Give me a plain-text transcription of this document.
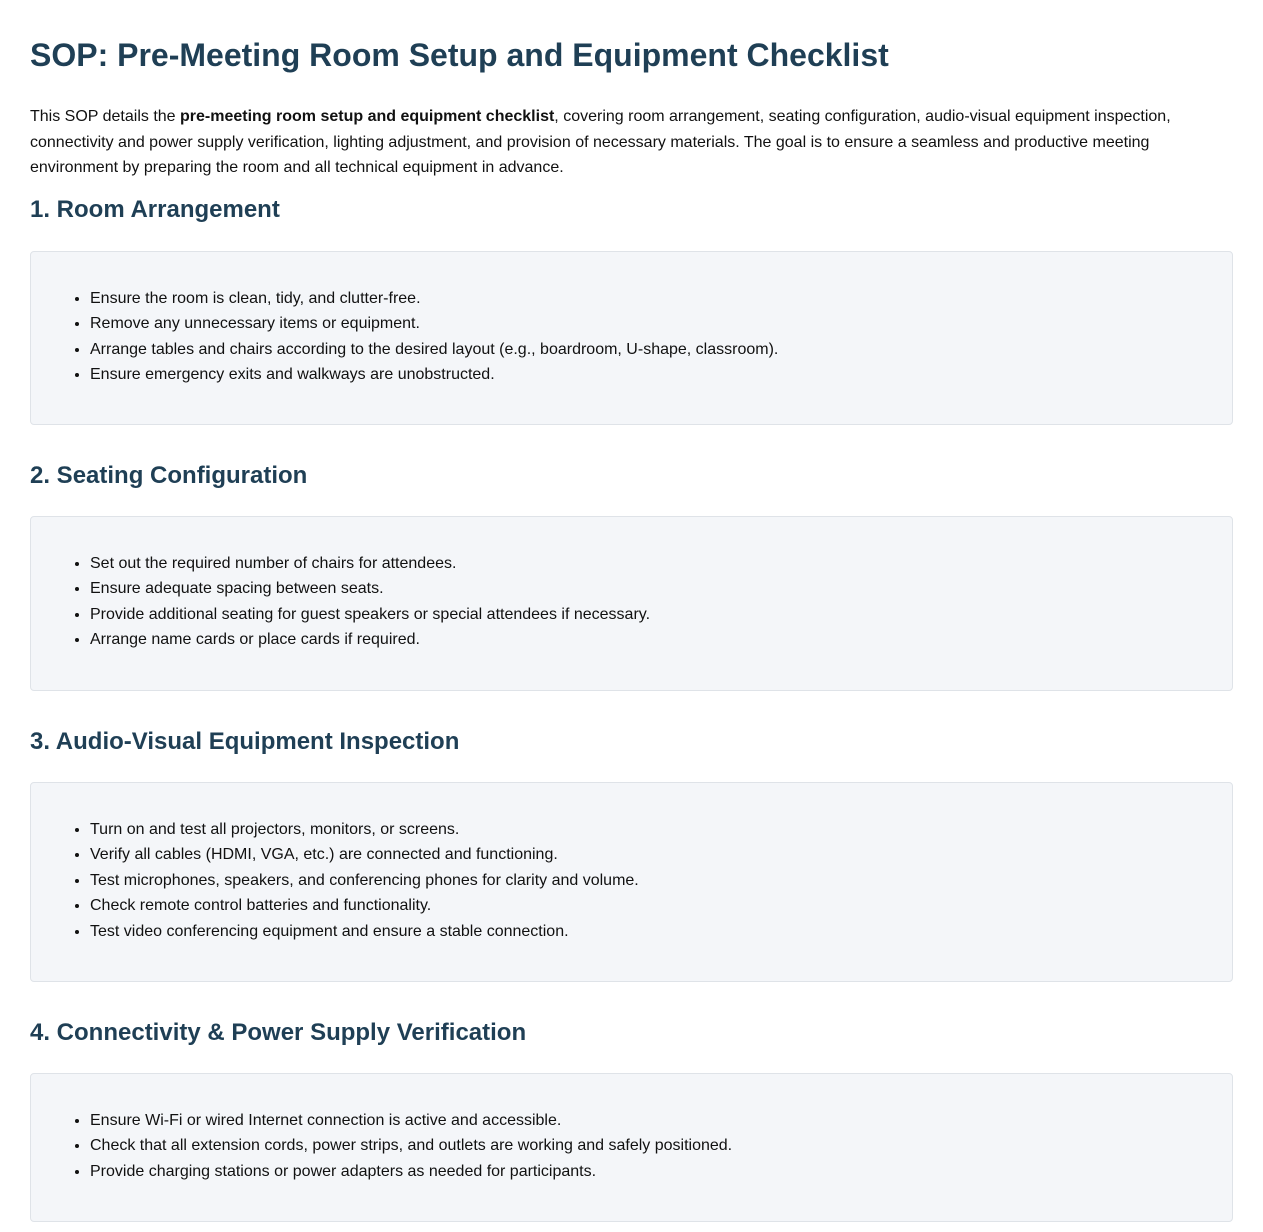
SOP: Pre-Meeting Room Setup and Equipment Checklist

This SOP details the pre-meeting room setup and equipment checklist, covering room arrangement, seating configuration, audio-visual equipment inspection, connectivity and power supply verification, lighting adjustment, and provision of necessary materials. The goal is to ensure a seamless and productive meeting environment by preparing the room and all technical equipment in advance.

1. Room Arrangement
• Ensure the room is clean, tidy, and clutter-free.
• Remove any unnecessary items or equipment.
• Arrange tables and chairs according to the desired layout (e.g., boardroom, U-shape, classroom).
• Ensure emergency exits and walkways are unobstructed.
2. Seating Configuration
• Set out the required number of chairs for attendees.
• Ensure adequate spacing between seats.
• Provide additional seating for guest speakers or special attendees if necessary.
• Arrange name cards or place cards if required.
3. Audio-Visual Equipment Inspection
• Turn on and test all projectors, monitors, or screens.
• Verify all cables (HDMI, VGA, etc.) are connected and functioning.
• Test microphones, speakers, and conferencing phones for clarity and volume.
• Check remote control batteries and functionality.
• Test video conferencing equipment and ensure a stable connection.
4. Connectivity & Power Supply Verification
• Ensure Wi-Fi or wired Internet connection is active and accessible.
• Check that all extension cords, power strips, and outlets are working and safely positioned.
• Provide charging stations or power adapters as needed for participants.
